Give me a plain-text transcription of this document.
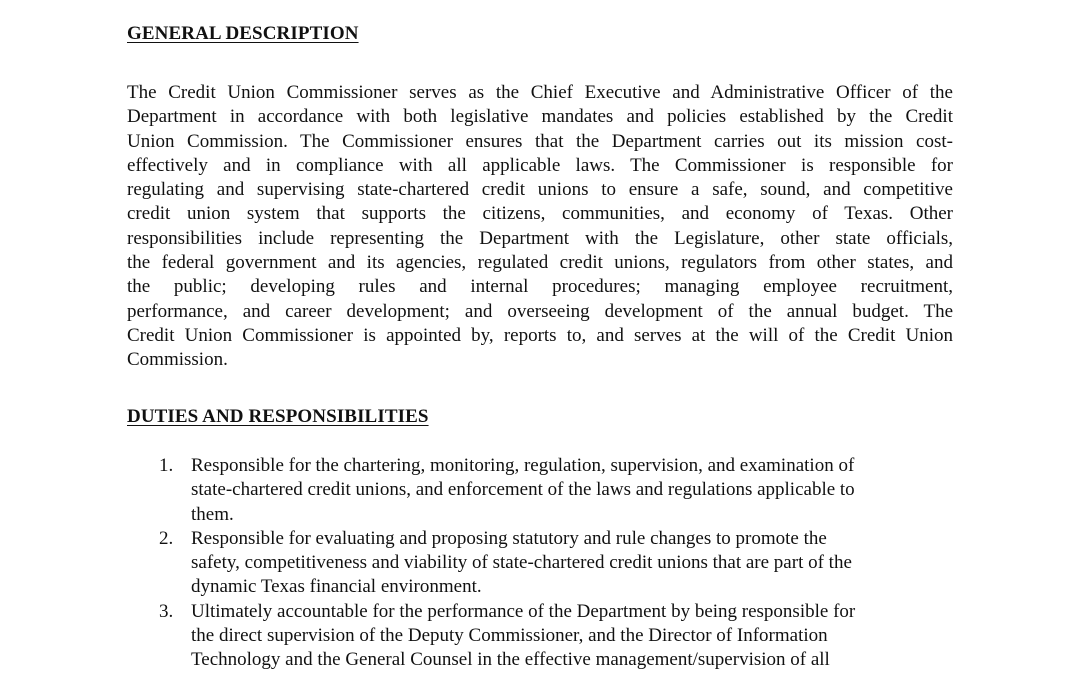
GENERAL DESCRIPTION

The Credit Union Commissioner serves as the Chief Executive and Administrative Officer of the
Department in accordance with both legislative mandates and policies established by the Credit
Union Commission. The Commissioner ensures that the Department carries out its mission cost-
effectively and in compliance with all applicable laws. The Commissioner is responsible for
regulating and supervising state-chartered credit unions to ensure a safe, sound, and competitive
credit union system that supports the citizens, communities, and economy of Texas. Other
responsibilities include representing the Department with the Legislature, other state officials,
the federal government and its agencies, regulated credit unions, regulators from other states, and
the public; developing rules and internal procedures; managing employee recruitment,
performance, and career development; and overseeing development of the annual budget. The
Credit Union Commissioner is appointed by, reports to, and serves at the will of the Credit Union
Commission.

DUTIES AND RESPONSIBILITIES
1. Responsible for the chartering, monitoring, regulation, supervision, and examination of
state-chartered credit unions, and enforcement of the laws and regulations applicable to
them.
2. Responsible for evaluating and proposing statutory and rule changes to promote the
safety, competitiveness and viability of state-chartered credit unions that are part of the
dynamic Texas financial environment.
3. Ultimately accountable for the performance of the Department by being responsible for
the direct supervision of the Deputy Commissioner, and the Director of Information
Technology and the General Counsel in the effective management/supervision of all
